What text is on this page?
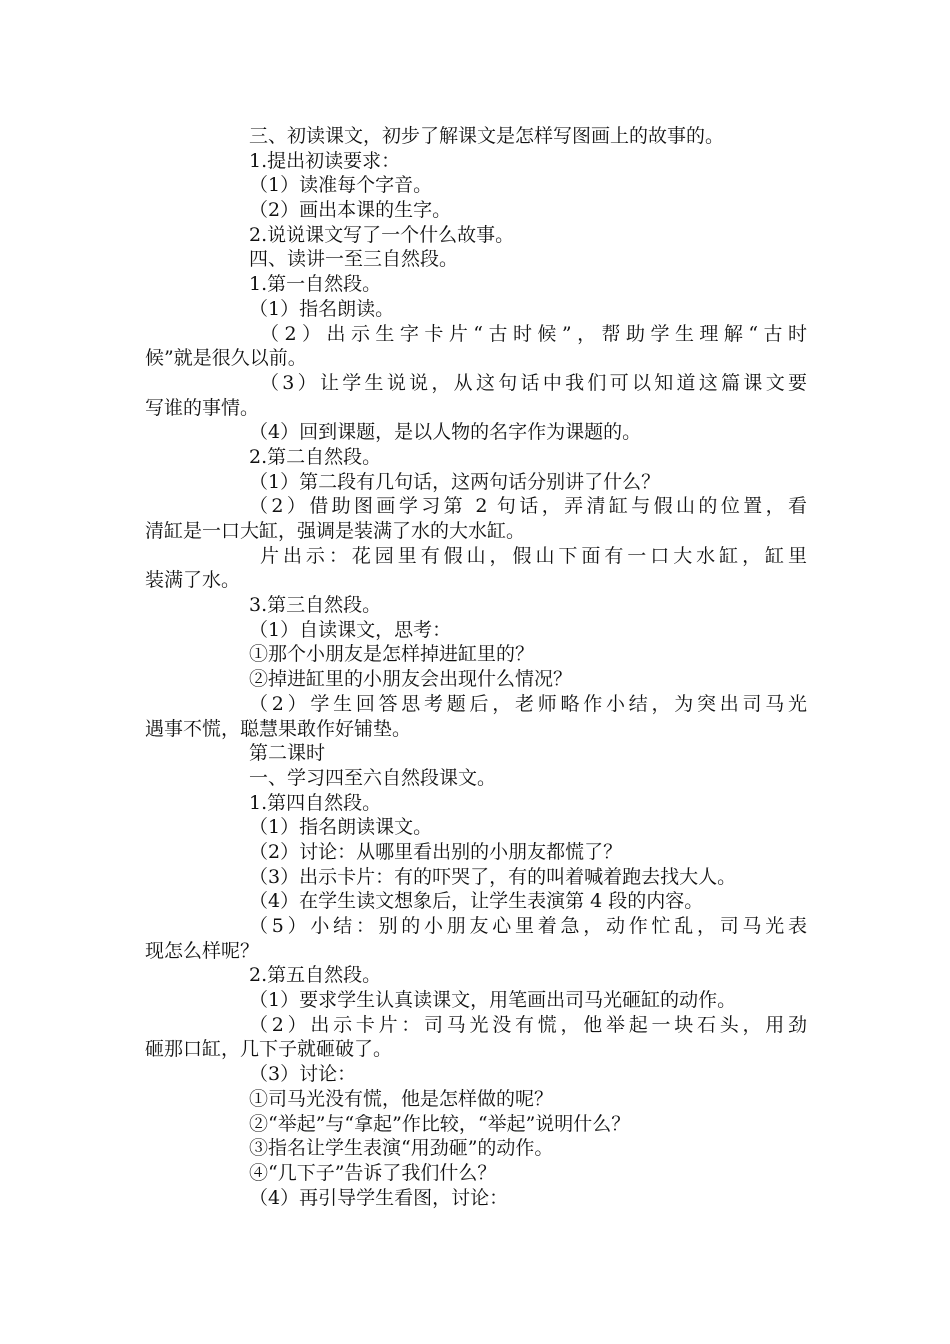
三、初读课文，初步了解课文是怎样写图画上的故事的。
1.提出初读要求：
（1）读准每个字音。
（2）画出本课的生字。
2.说说课文写了一个什么故事。
四、读讲一至三自然段。
1.第一自然段。
（1）指名朗读。
（2）出示生字卡片“古时候”，帮助学生理解“古时
候”就是很久以前。
（3）让学生说说，从这句话中我们可以知道这篇课文要
写谁的事情。
（4）回到课题，是以人物的名字作为课题的。
2.第二自然段。
（1）第二段有几句话，这两句话分别讲了什么？
（2）借助图画学习第 2 句话，弄清缸与假山的位置，看
清缸是一口大缸，强调是装满了水的大水缸。
片出示：花园里有假山，假山下面有一口大水缸，缸里
装满了水。
3.第三自然段。
（1）自读课文，思考：
①那个小朋友是怎样掉进缸里的？
②掉进缸里的小朋友会出现什么情况？
（2）学生回答思考题后，老师略作小结，为突出司马光
遇事不慌，聪慧果敢作好铺垫。
第二课时
一、学习四至六自然段课文。
1.第四自然段。
（1）指名朗读课文。
（2）讨论：从哪里看出别的小朋友都慌了？
（3）出示卡片：有的吓哭了，有的叫着喊着跑去找大人。
（4）在学生读文想象后，让学生表演第 4 段的内容。
（5）小结：别的小朋友心里着急，动作忙乱，司马光表
现怎么样呢？
2.第五自然段。
（1）要求学生认真读课文，用笔画出司马光砸缸的动作。
（2）出示卡片：司马光没有慌，他举起一块石头，用劲
砸那口缸，几下子就砸破了。
（3）讨论：
①司马光没有慌，他是怎样做的呢？
②“举起”与“拿起”作比较，“举起”说明什么？
③指名让学生表演“用劲砸”的动作。
④“几下子”告诉了我们什么？
（4）再引导学生看图，讨论：
